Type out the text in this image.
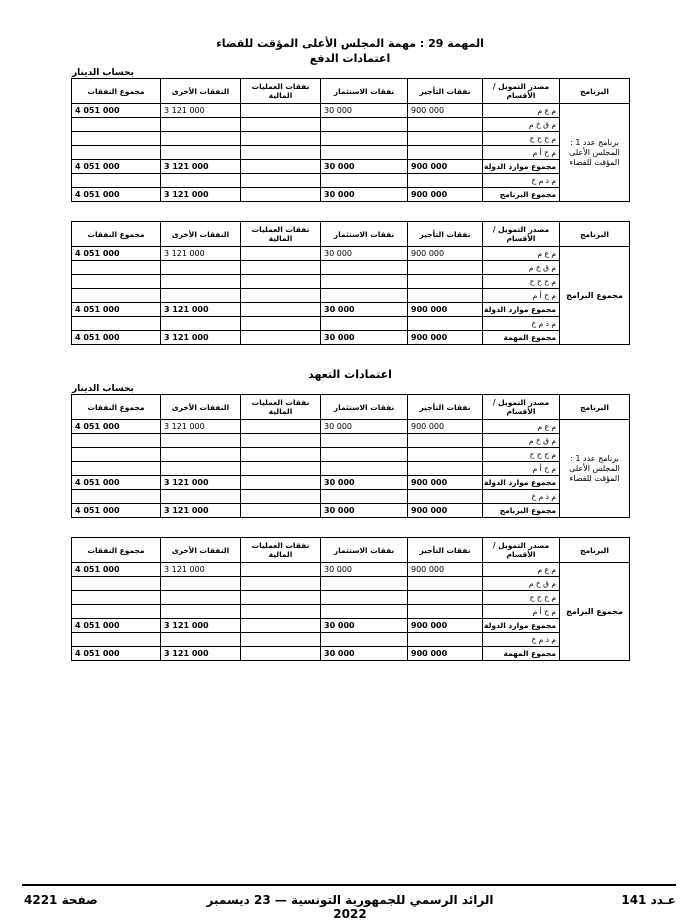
المهمة 29 : مهمة المجلس الأعلى المؤقت للقضاء
اعتمادات الدفع
بحساب الدينار
البرنامج	مصدر التمويل / الأقسام	نفقات التأجير	نفقات الاستثمار	نفقات العمليات المالية	النفقات الأخرى	مجموع النفقات
برنامج عدد 1 : المجلس الأعلى المؤقت للقضاء	م ع م	900 000	30 000		3 121 000	4 051 000
	م ق خ م					
	م ح ح ح					
	م ح أ م					
	مجموع موارد الدولة	900 000	30 000		3 121 000	4 051 000
	م ذ م خ					
	مجموع البرنامج	900 000	30 000		3 121 000	4 051 000
البرنامج	مصدر التمويل / الأقسام	نفقات التأجير	نفقات الاستثمار	نفقات العمليات المالية	النفقات الأخرى	مجموع النفقات
مجموع البرامج	م ع م	900 000	30 000		3 121 000	4 051 000
	م ق خ م					
	م ح ح ح					
	م ح أ م					
	مجموع موارد الدولة	900 000	30 000		3 121 000	4 051 000
	م ذ م خ					
	مجموع المهمة	900 000	30 000		3 121 000	4 051 000
اعتمادات التعهد
بحساب الدينار
البرنامج	مصدر التمويل / الأقسام	نفقات التأجير	نفقات الاستثمار	نفقات العمليات المالية	النفقات الأخرى	مجموع النفقات
برنامج عدد 1 : المجلس الأعلى المؤقت للقضاء	م ع م	900 000	30 000		3 121 000	4 051 000
	م ق خ م					
	م ح ح ح					
	م ح أ م					
	مجموع موارد الدولة	900 000	30 000		3 121 000	4 051 000
	م ذ م خ					
	مجموع البرنامج	900 000	30 000		3 121 000	4 051 000
البرنامج	مصدر التمويل / الأقسام	نفقات التأجير	نفقات الاستثمار	نفقات العمليات المالية	النفقات الأخرى	مجموع النفقات
مجموع البرامج	م ع م	900 000	30 000		3 121 000	4 051 000
	م ق خ م					
	م ح ح ح					
	م ح أ م					
	مجموع موارد الدولة	900 000	30 000		3 121 000	4 051 000
	م ذ م خ					
	مجموع المهمة	900 000	30 000		3 121 000	4 051 000
عـدد 141
الرائد الرسمي للجمهورية التونسية — 23 ديسمبر 2022
صفحة 4221
